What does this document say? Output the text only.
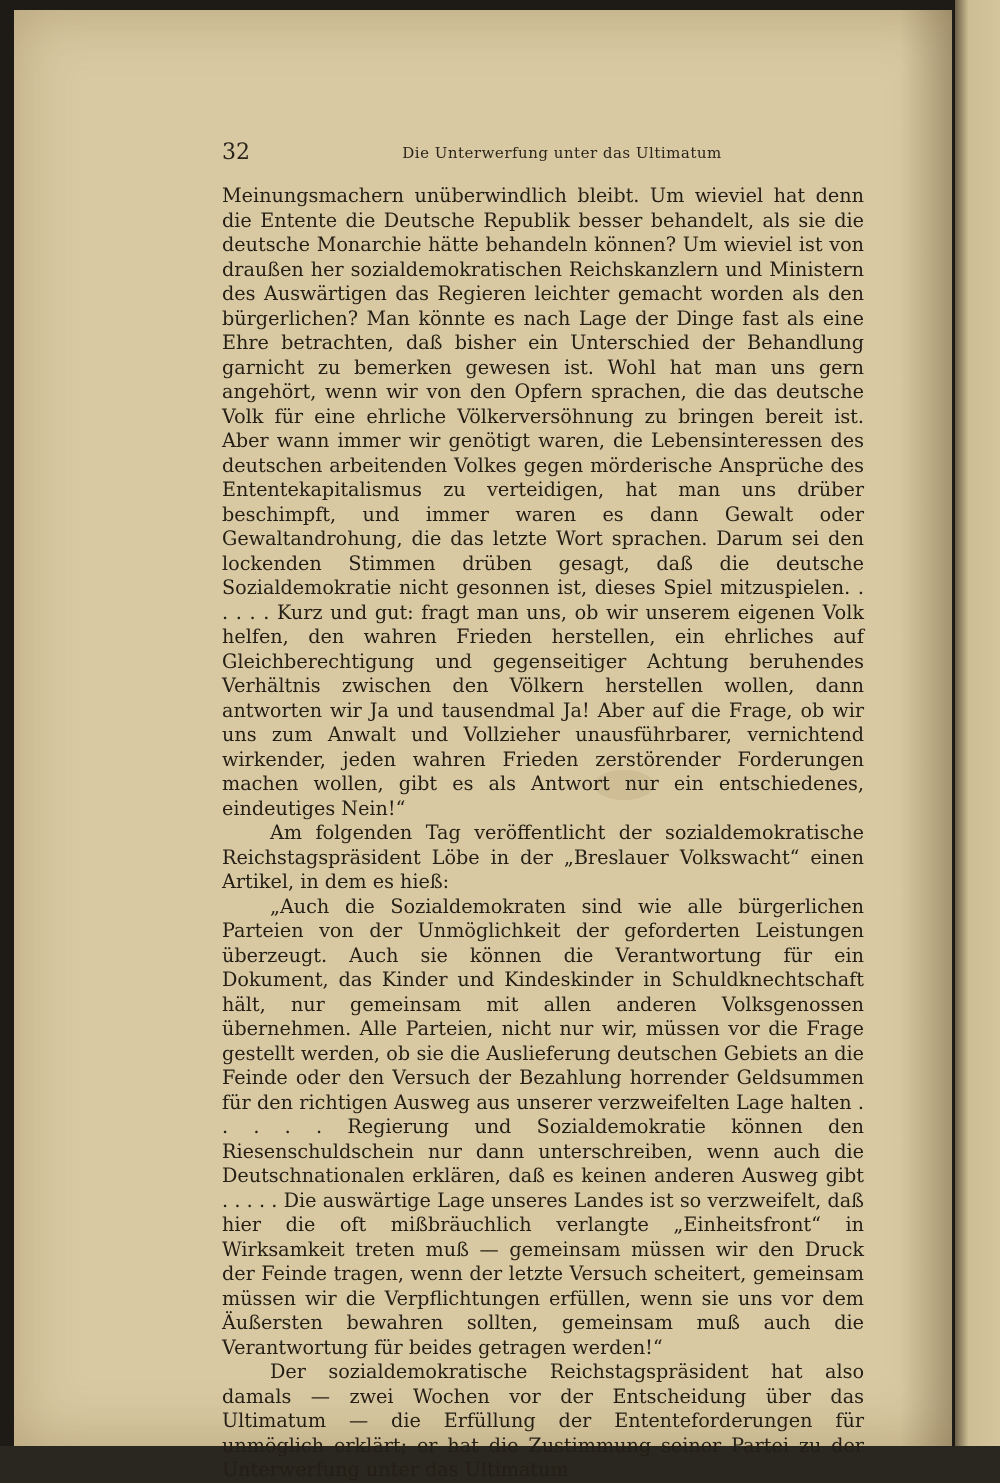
32	Die Unterwerfung unter das Ultimatum

Meinungsmachern unüberwindlich bleibt. Um wieviel hat denn die Entente die Deutsche Republik besser behandelt, als sie die deutsche Monarchie hätte behandeln können? Um wieviel ist von draußen her sozialdemokratischen Reichskanzlern und Ministern des Auswärtigen das Regieren leichter gemacht worden als den bürgerlichen? Man könnte es nach Lage der Dinge fast als eine Ehre betrachten, daß bisher ein Unterschied der Behandlung garnicht zu bemerken gewesen ist. Wohl hat man uns gern angehört, wenn wir von den Opfern sprachen, die das deutsche Volk für eine ehrliche Völkerversöhnung zu bringen bereit ist. Aber wann immer wir genötigt waren, die Lebensinteressen des deutschen arbeitenden Volkes gegen mörderische Ansprüche des Ententekapitalismus zu verteidigen, hat man uns drüber beschimpft, und immer waren es dann Gewalt oder Gewaltandrohung, die das letzte Wort sprachen. Darum sei den lockenden Stimmen drüben gesagt, daß die deutsche Sozialdemokratie nicht gesonnen ist, dieses Spiel mitzuspielen. . . . . . Kurz und gut: fragt man uns, ob wir unserem eigenen Volk helfen, den wahren Frieden herstellen, ein ehrliches auf Gleichberechtigung und gegenseitiger Achtung beruhendes Verhältnis zwischen den Völkern herstellen wollen, dann antworten wir Ja und tausendmal Ja! Aber auf die Frage, ob wir uns zum Anwalt und Vollzieher unausführbarer, vernichtend wirkender, jeden wahren Frieden zerstörender Forderungen machen wollen, gibt es als Antwort nur ein entschiedenes, eindeutiges Nein!“

Am folgenden Tag veröffentlicht der sozialdemokratische Reichstagspräsident Löbe in der „Breslauer Volkswacht“ einen Artikel, in dem es hieß:

„Auch die Sozialdemokraten sind wie alle bürgerlichen Parteien von der Unmöglichkeit der geforderten Leistungen überzeugt. Auch sie können die Verantwortung für ein Dokument, das Kinder und Kindeskinder in Schuldknechtschaft hält, nur gemeinsam mit allen anderen Volksgenossen übernehmen. Alle Parteien, nicht nur wir, müssen vor die Frage gestellt werden, ob sie die Auslieferung deutschen Gebiets an die Feinde oder den Versuch der Bezahlung horrender Geldsummen für den richtigen Ausweg aus unserer verzweifelten Lage halten . . . . . Regierung und Sozialdemokratie können den Riesenschuldschein nur dann unterschreiben, wenn auch die Deutschnationalen erklären, daß es keinen anderen Ausweg gibt . . . . . Die auswärtige Lage unseres Landes ist so verzweifelt, daß hier die oft mißbräuchlich verlangte „Einheitsfront“ in Wirksamkeit treten muß — gemeinsam müssen wir den Druck der Feinde tragen, wenn der letzte Versuch scheitert, gemeinsam müssen wir die Verpflichtungen erfüllen, wenn sie uns vor dem Äußersten bewahren sollten, gemeinsam muß auch die Verantwortung für beides getragen werden!“

Der sozialdemokratische Reichstagspräsident hat also damals — zwei Wochen vor der Entscheidung über das Ultimatum — die Erfüllung der Ententeforderungen für unmöglich erklärt; er hat die Zustimmung seiner Partei zu der Unterwerfung unter das Ultimatum
